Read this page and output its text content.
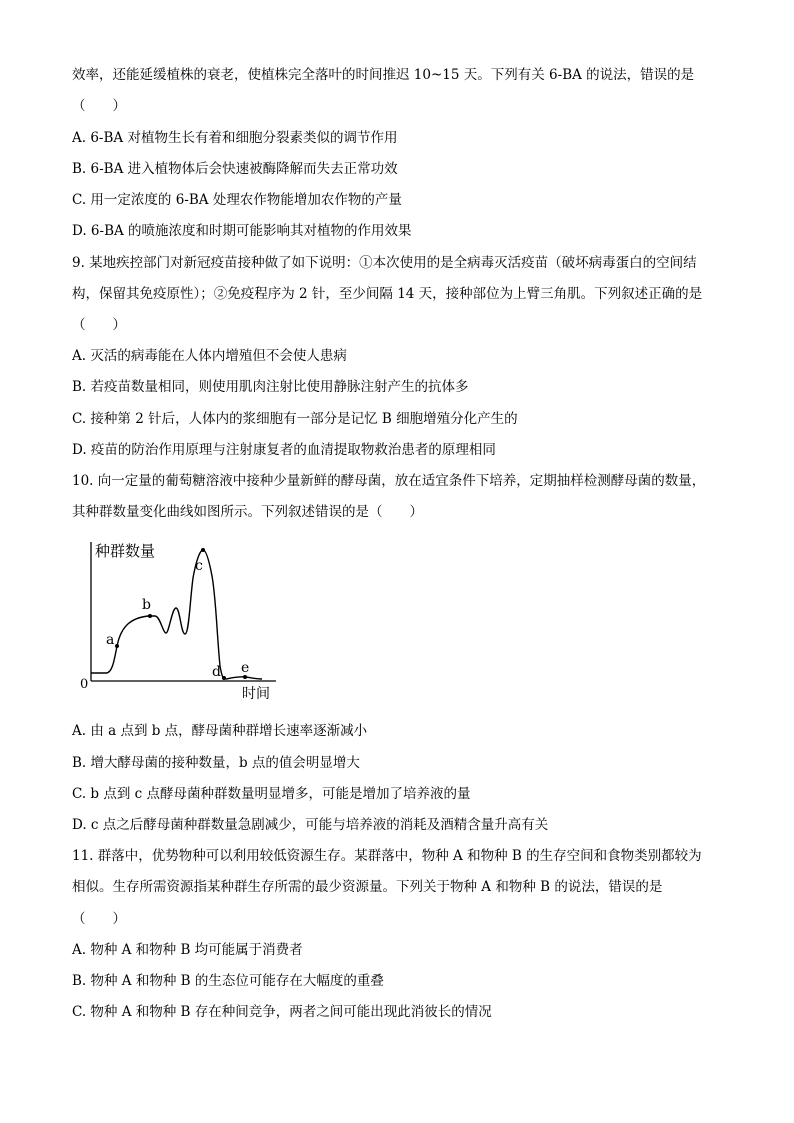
效率，还能延缓植株的衰老，使植株完全落叶的时间推迟 10~15 天。下列有关 6-BA 的说法，错误的是
（　　）
A. 6-BA 对植物生长有着和细胞分裂素类似的调节作用
B. 6-BA 进入植物体后会快速被酶降解而失去正常功效
C. 用一定浓度的 6-BA 处理农作物能增加农作物的产量
D. 6-BA 的喷施浓度和时期可能影响其对植物的作用效果
9. 某地疾控部门对新冠疫苗接种做了如下说明：①本次使用的是全病毒灭活疫苗（破坏病毒蛋白的空间结
构，保留其免疫原性）；②免疫程序为 2 针，至少间隔 14 天，接种部位为上臂三角肌。下列叙述正确的是
（　　）
A. 灭活的病毒能在人体内增殖但不会使人患病
B. 若疫苗数量相同，则使用肌肉注射比使用静脉注射产生的抗体多
C. 接种第 2 针后，人体内的浆细胞有一部分是记忆 B 细胞增殖分化产生的
D. 疫苗的防治作用原理与注射康复者的血清提取物救治患者的原理相同
10. 向一定量的葡萄糖溶液中接种少量新鲜的酵母菌，放在适宜条件下培养，定期抽样检测酵母菌的数量，
其种群数量变化曲线如图所示。下列叙述错误的是（　　）
种群数量
时间
0
a
b
c
d e
A. 由 a 点到 b 点，酵母菌种群增长速率逐渐减小
B. 增大酵母菌的接种数量，b 点的值会明显增大
C. b 点到 c 点酵母菌种群数量明显增多，可能是增加了培养液的量
D. c 点之后酵母菌种群数量急剧减少，可能与培养液的消耗及酒精含量升高有关
11. 群落中，优势物种可以利用较低资源生存。某群落中，物种 A 和物种 B 的生存空间和食物类别都较为
相似。生存所需资源指某种群生存所需的最少资源量。下列关于物种 A 和物种 B 的说法，错误的是
（　　）
A. 物种 A 和物种 B 均可能属于消费者
B. 物种 A 和物种 B 的生态位可能存在大幅度的重叠
C. 物种 A 和物种 B 存在种间竞争，两者之间可能出现此消彼长的情况
